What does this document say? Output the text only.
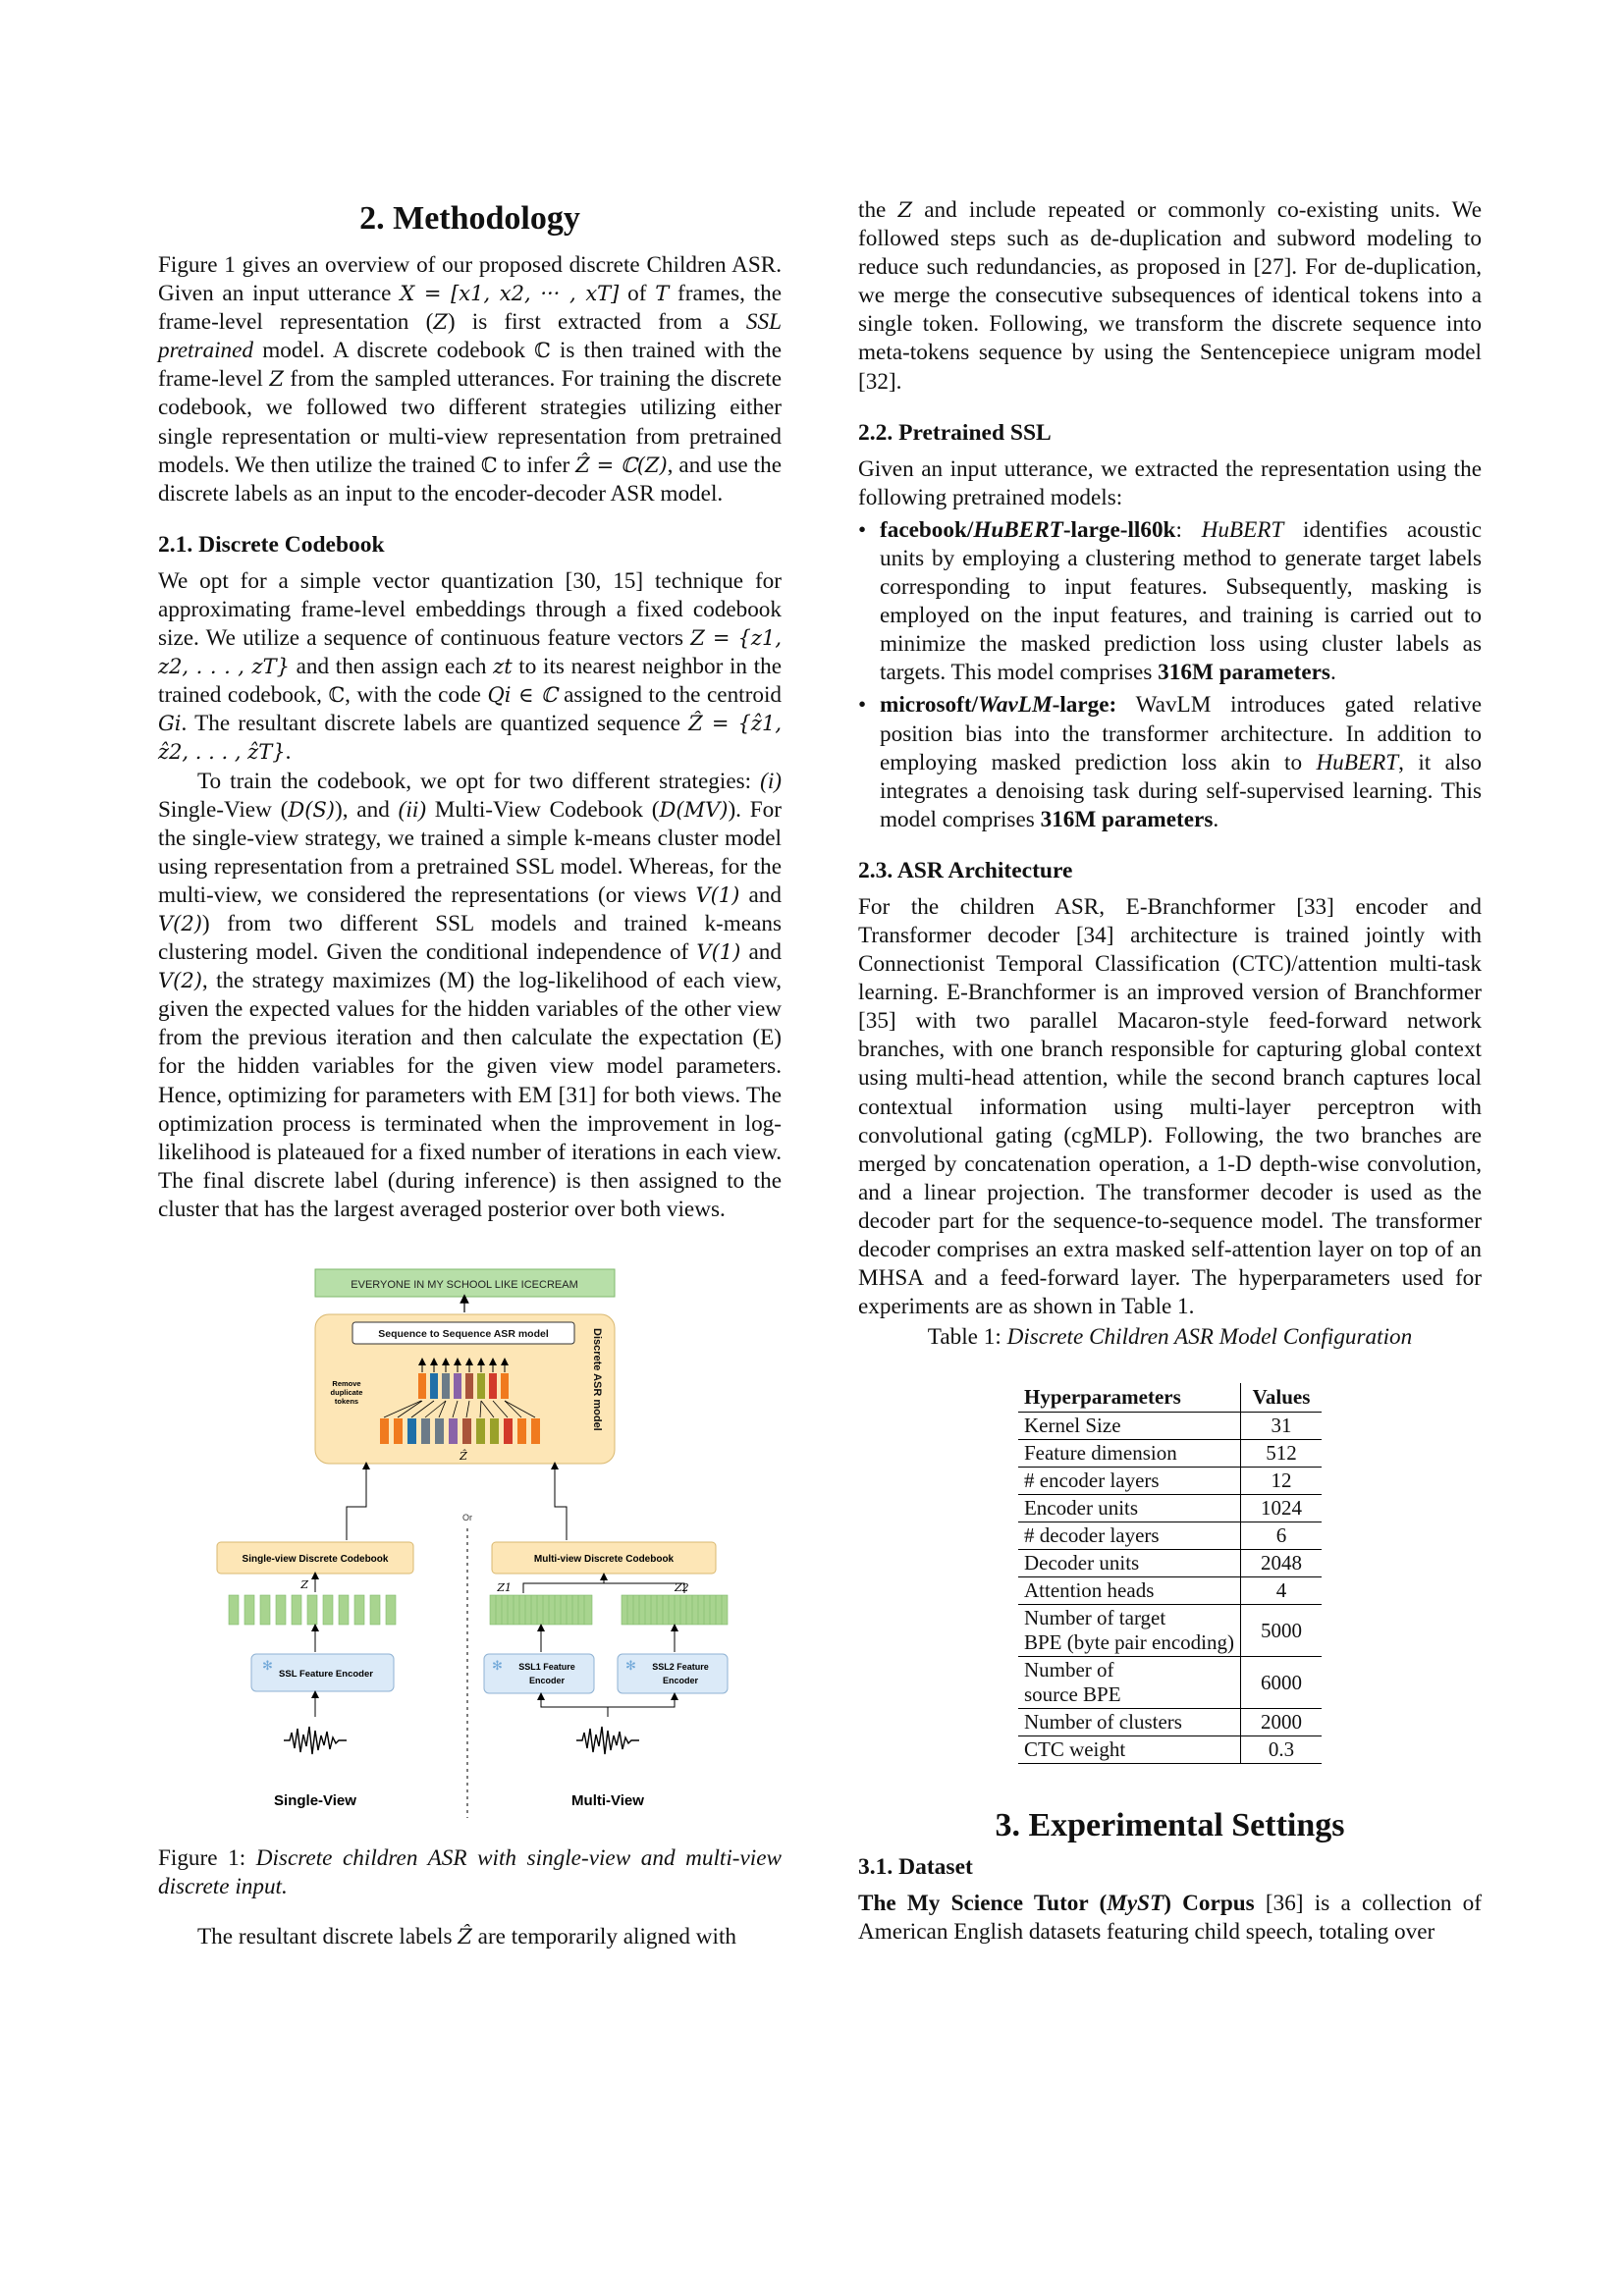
2. Methodology

Figure 1 gives an overview of our proposed discrete Children ASR. Given an input utterance X = [x1, x2, ··· , xT] of T frames, the frame-level representation (Z) is first extracted from a SSL pretrained model. A discrete codebook ℂ is then trained with the frame-level Z from the sampled utterances. For training the discrete codebook, we followed two different strategies utilizing either single representation or multi-view representation from pretrained models. We then utilize the trained ℂ to infer Ẑ = ℂ(Z), and use the discrete labels as an input to the encoder-decoder ASR model.

2.1. Discrete Codebook

We opt for a simple vector quantization [30, 15] technique for approximating frame-level embeddings through a fixed codebook size. We utilize a sequence of continuous feature vectors Z = {z1, z2, . . . , zT} and then assign each zt to its nearest neighbor in the trained codebook, ℂ, with the code Qi ∈ ℂ assigned to the centroid Gi. The resultant discrete labels are quantized sequence Ẑ = {ẑ1, ẑ2, . . . , ẑT}.

To train the codebook, we opt for two different strategies: (i) Single-View (D(S)), and (ii) Multi-View Codebook (D(MV)). For the single-view strategy, we trained a simple k-means cluster model using representation from a pretrained SSL model. Whereas, for the multi-view, we considered the representations (or views V(1) and V(2)) from two different SSL models and trained k-means clustering model. Given the conditional independence of V(1) and V(2), the strategy maximizes (M) the log-likelihood of each view, given the expected values for the hidden variables of the other view from the previous iteration and then calculate the expectation (E) for the hidden variables for the given view model parameters. Hence, optimizing for parameters with EM [31] for both views. The optimization process is terminated when the improvement in log-likelihood is plateaued for a fixed number of iterations in each view. The final discrete label (during inference) is then assigned to the cluster that has the largest averaged posterior over both views.

EVERYONE IN MY SCHOOL LIKE ICECREAM
Sequence to Sequence ASR model	Discrete ASR model
Remove
duplicate
tokens
Ẑ
Or
Single-view Discrete Codebook
Z
✻
SSL Feature Encoder
Single-View
Multi-view Discrete Codebook
Z1	Z2
✻ SSL1 Feature
Encoder
✻ SSL2 Feature
Encoder
Multi-View
Figure 1: Discrete children ASR with single-view and multi-view discrete input.

The resultant discrete labels Ẑ are temporarily aligned with

the Z and include repeated or commonly co-existing units. We followed steps such as de-duplication and subword modeling to reduce such redundancies, as proposed in [27]. For de-duplication, we merge the consecutive subsequences of identical tokens into a single token. Following, we transform the discrete sequence into meta-tokens sequence by using the Sentencepiece unigram model [32].

2.2. Pretrained SSL

Given an input utterance, we extracted the representation using the following pretrained models:

• facebook/HuBERT-large-ll60k: HuBERT identifies acoustic units by employing a clustering method to generate target labels corresponding to input features. Subsequently, masking is employed on the input features, and training is carried out to minimize the masked prediction loss using cluster labels as targets. This model comprises 316M parameters.
• microsoft/WavLM-large: WavLM introduces gated relative position bias into the transformer architecture. In addition to employing masked prediction loss akin to HuBERT, it also integrates a denoising task during self-supervised learning. This model comprises 316M parameters.
2.3. ASR Architecture

For the children ASR, E-Branchformer [33] encoder and Transformer decoder [34] architecture is trained jointly with Connectionist Temporal Classification (CTC)/attention multi-task learning. E-Branchformer is an improved version of Branchformer [35] with two parallel Macaron-style feed-forward network branches, with one branch responsible for capturing global context using multi-head attention, while the second branch captures local contextual information using multi-layer perceptron with convolutional gating (cgMLP). Following, the two branches are merged by concatenation operation, a 1-D depth-wise convolution, and a linear projection. The transformer decoder is used as the decoder part for the sequence-to-sequence model. The transformer decoder comprises an extra masked self-attention layer on top of an MHSA and a feed-forward layer. The hyperparameters used for experiments are as shown in Table 1.

Table 1: Discrete Children ASR Model Configuration
Hyperparameters	Values
Kernel Size	31
Feature dimension	512
# encoder layers	12
Encoder units	1024
# decoder layers	6
Decoder units	2048
Attention heads	4
Number of target
BPE (byte pair encoding)	5000
Number of
source BPE	6000
Number of clusters	2000
CTC weight	0.3
3. Experimental Settings
3.1. Dataset

The My Science Tutor (MyST) Corpus [36] is a collection of American English datasets featuring child speech, totaling over
